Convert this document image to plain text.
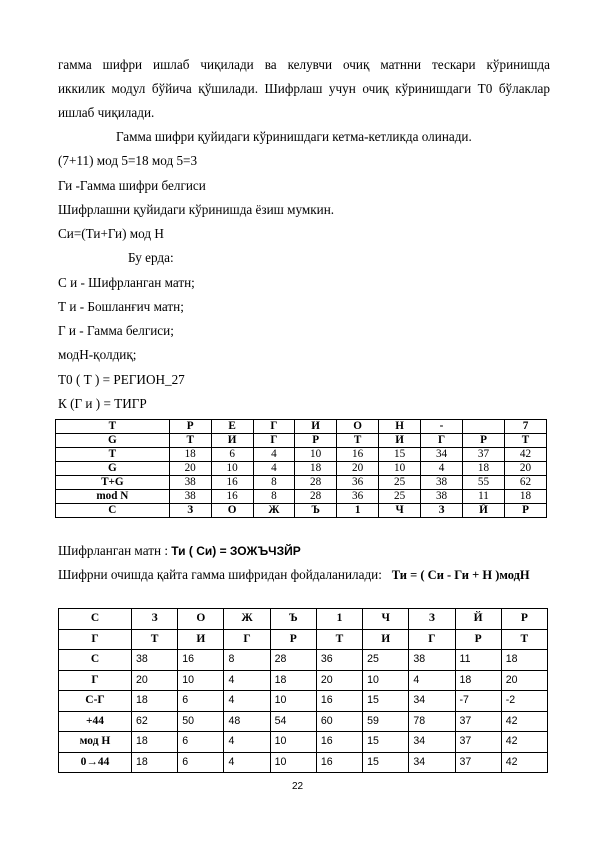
гамма шифри ишлаб чиқилади ва келувчи очиқ матнни тескари кўринишда
иккилик модул бўйича қўшилади. Шифрлаш учун очиқ кўринишдаги Т0 бўлаклар
ишлаб чиқилади.
Гамма шифри қуйидаги кўринишдаги кетма-кетликда олинади.
(7+11) мод 5=18 мод 5=3
Ги -Гамма шифри белгиси
Шифрлашни қуйидаги кўринишда ёзиш мумкин.
Си=(Ти+Ги) мод Н
Бу ерда:
С и - Шифрланган матн;
Т и - Бошланғич матн;
Г и - Гамма белгиси;
модН-қолдиқ;
Т0 ( Т ) = РЕГИОН_27
К (Г и ) = ТИГР
Т	Р	Е	Г	И	О	Н	-		7
G	Т	И	Г	Р	Т	И	Г	Р	Т
Т	18	6	4	10	16	15	34	37	42
G	20	10	4	18	20	10	4	18	20
T+G	38	16	8	28	36	25	38	55	62
mod N	38	16	8	28	36	25	38	11	18
С	З	О	Ж	Ъ	1	Ч	З	Й	Р
Шифрланган матн : Ти ( Си) = ЗОЖЪЧЗЙР
Шифрни очишда қайта гамма шифридан фойдаланилади: Ти = ( Си - Ги + Н )модН
С	З	О	Ж	Ъ	1	Ч	З	Й	Р
Г	Т	И	Г	Р	Т	И	Г	Р	Т
С	38	16	8	28	36	25	38	11	18
Г	20	10	4	18	20	10	4	18	20
С-Г	18	6	4	10	16	15	34	-7	-2
+44	62	50	48	54	60	59	78	37	42
мод Н	18	6	4	10	16	15	34	37	42
0→44	18	6	4	10	16	15	34	37	42
22
